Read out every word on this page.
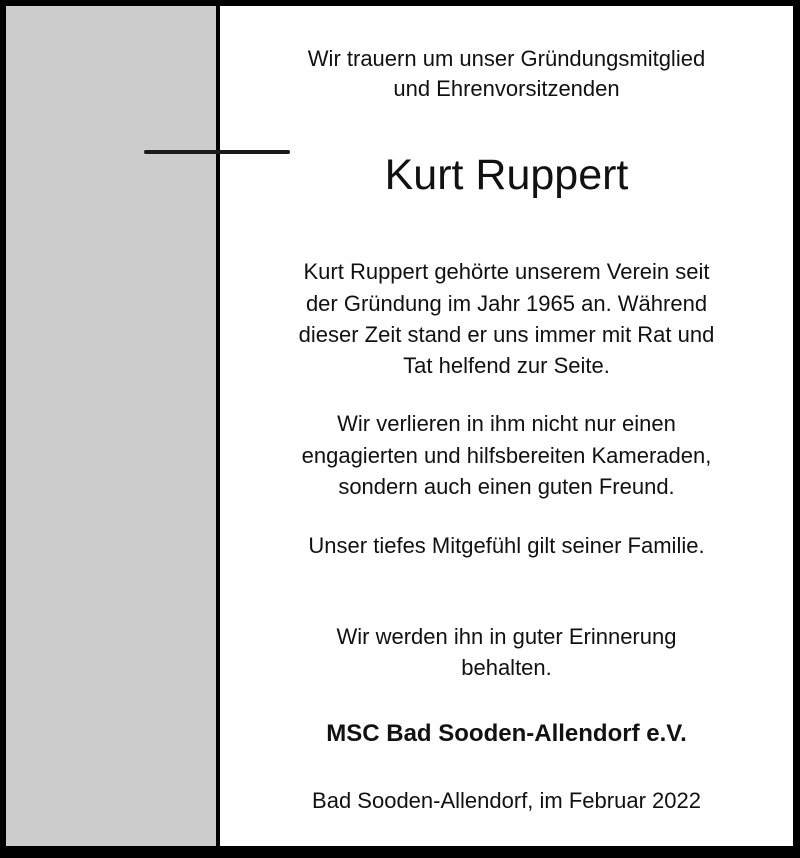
Wir trauern um unser Gründungsmitglied
und Ehrenvorsitzenden
Kurt Ruppert
Kurt Ruppert gehörte unserem Verein seit
der Gründung im Jahr 1965 an. Während
dieser Zeit stand er uns immer mit Rat und
Tat helfend zur Seite.
Wir verlieren in ihm nicht nur einen
engagierten und hilfsbereiten Kameraden,
sondern auch einen guten Freund.
Unser tiefes Mitgefühl gilt seiner Familie.
Wir werden ihn in guter Erinnerung
behalten.
MSC Bad Sooden-Allendorf e.V.
Bad Sooden-Allendorf, im Februar 2022
